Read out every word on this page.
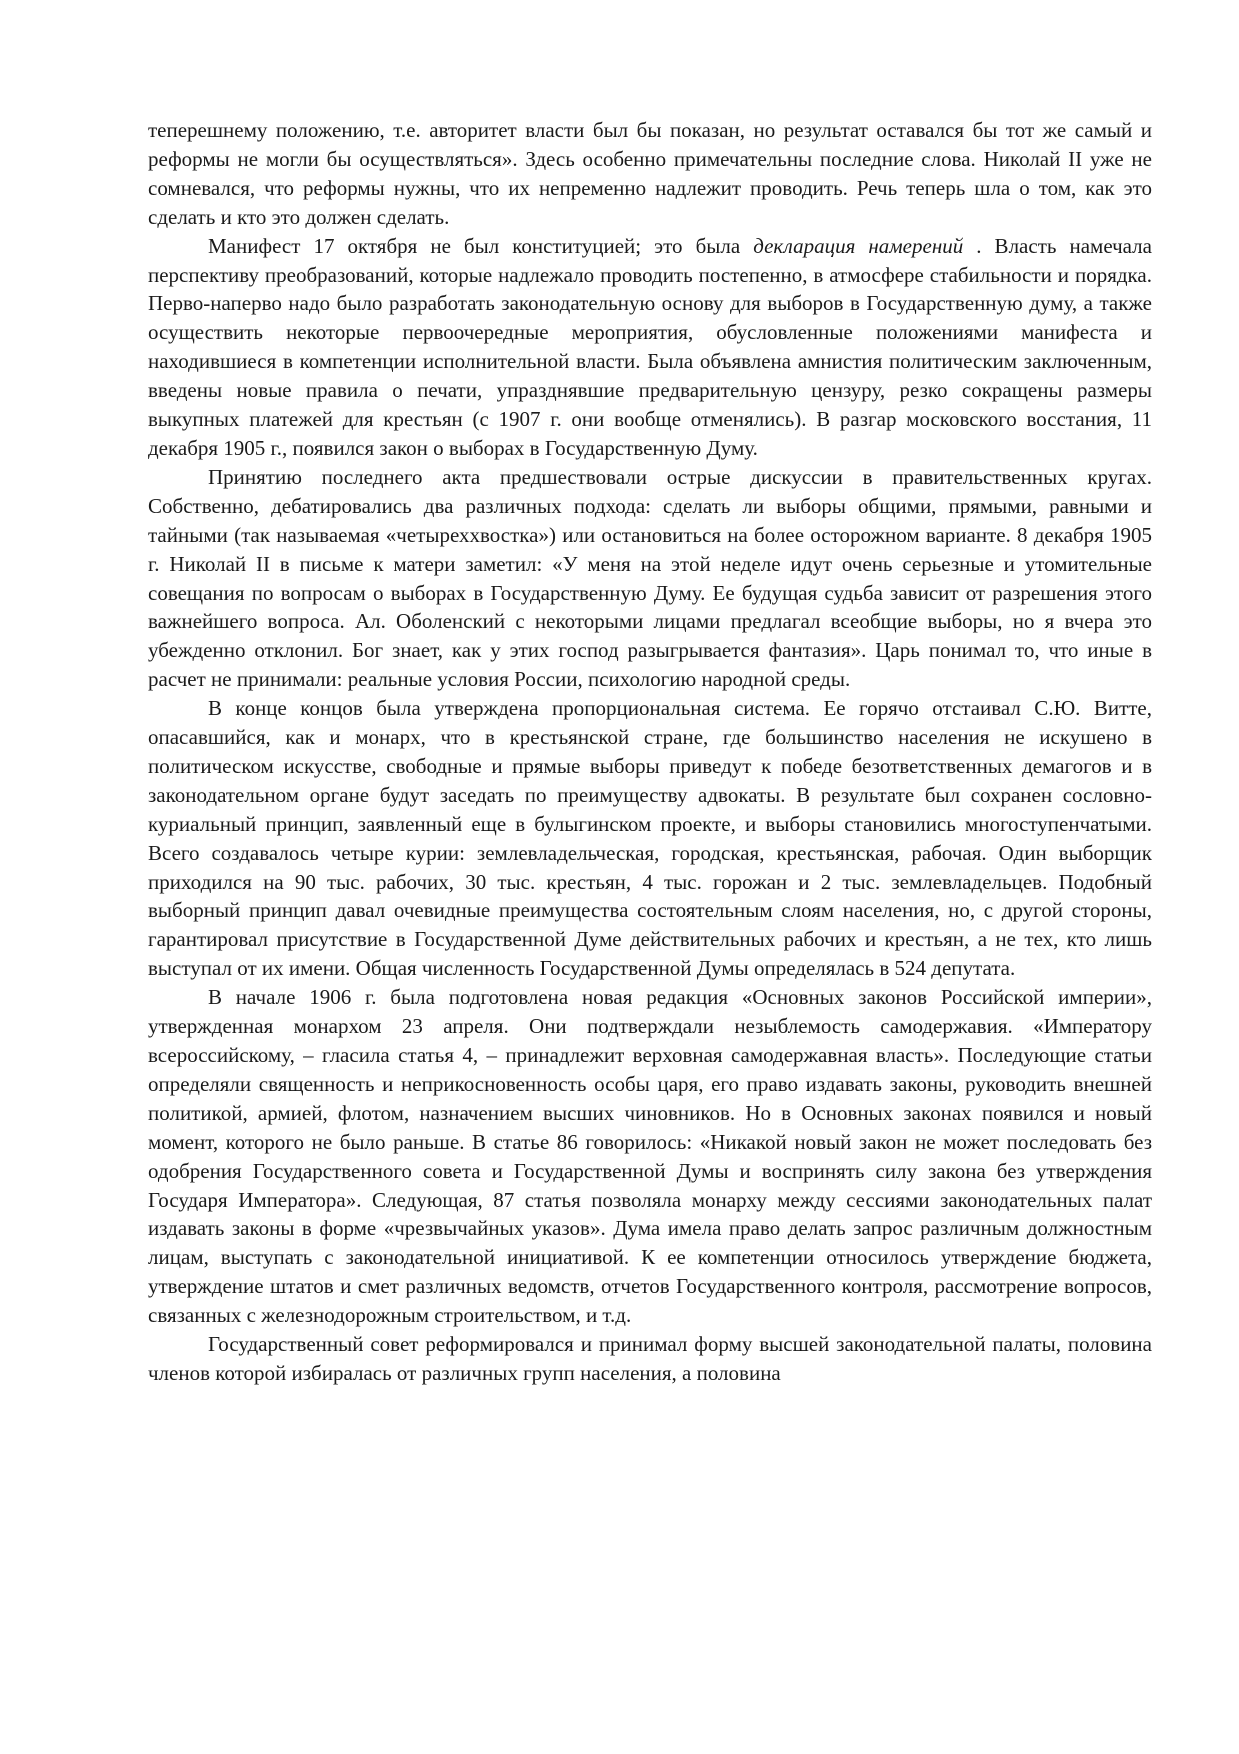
теперешнему положению, т.е. авторитет власти был бы показан, но результат оставался бы тот же самый и реформы не могли бы осуществляться». Здесь особенно примечательны последние слова. Николай II уже не сомневался, что реформы нужны, что их непременно надлежит проводить. Речь теперь шла о том, как это сделать и кто это должен сделать.

Манифест 17 октября не был конституцией; это была декларация намерений . Власть намечала перспективу преобразований, которые надлежало проводить постепенно, в атмосфере стабильности и порядка. Перво-наперво надо было разработать законодательную основу для выборов в Государственную думу, а также осуществить некоторые первоочередные мероприятия, обусловленные положениями манифеста и находившиеся в компетенции исполнительной власти. Была объявлена амнистия политическим заключенным, введены новые правила о печати, упразднявшие предварительную цензуру, резко сокращены размеры выкупных платежей для крестьян (с 1907 г. они вообще отменялись). В разгар московского восстания, 11 декабря 1905 г., появился закон о выборах в Государственную Думу.

Принятию последнего акта предшествовали острые дискуссии в правительственных кругах. Собственно, дебатировались два различных подхода: сделать ли выборы общими, прямыми, равными и тайными (так называемая «четыреххвостка») или остановиться на более осторожном варианте. 8 декабря 1905 г. Николай II в письме к матери заметил: «У меня на этой неделе идут очень серьезные и утомительные совещания по вопросам о выборах в Государственную Думу. Ее будущая судьба зависит от разрешения этого важнейшего вопроса. Ал. Оболенский с некоторыми лицами предлагал всеобщие выборы, но я вчера это убежденно отклонил. Бог знает, как у этих господ разыгрывается фантазия». Царь понимал то, что иные в расчет не принимали: реальные условия России, психологию народной среды.

В конце концов была утверждена пропорциональная система. Ее горячо отстаивал С.Ю. Витте, опасавшийся, как и монарх, что в крестьянской стране, где большинство населения не искушено в политическом искусстве, свободные и прямые выборы приведут к победе безответственных демагогов и в законодательном органе будут заседать по преимуществу адвокаты. В результате был сохранен сословно-куриальный принцип, заявленный еще в булыгинском проекте, и выборы становились многоступенчатыми. Всего создавалось четыре курии: землевладельческая, городская, крестьянская, рабочая. Один выборщик приходился на 90 тыс. рабочих, 30 тыс. крестьян, 4 тыс. горожан и 2 тыс. землевладельцев. Подобный выборный принцип давал очевидные преимущества состоятельным слоям населения, но, с другой стороны, гарантировал присутствие в Государственной Думе действительных рабочих и крестьян, а не тех, кто лишь выступал от их имени. Общая численность Государственной Думы определялась в 524 депутата.

В начале 1906 г. была подготовлена новая редакция «Основных законов Российской империи», утвержденная монархом 23 апреля. Они подтверждали незыблемость самодержавия. «Императору всероссийскому, – гласила статья 4, – принадлежит верховная самодержавная власть». Последующие статьи определяли священность и неприкосновенность особы царя, его право издавать законы, руководить внешней политикой, армией, флотом, назначением высших чиновников. Но в Основных законах появился и новый момент, которого не было раньше. В статье 86 говорилось: «Никакой новый закон не может последовать без одобрения Государственного совета и Государственной Думы и воспринять силу закона без утверждения Государя Императора». Следующая, 87 статья позволяла монарху между сессиями законодательных палат издавать законы в форме «чрезвычайных указов». Дума имела право делать запрос различным должностным лицам, выступать с законодательной инициативой. К ее компетенции относилось утверждение бюджета, утверждение штатов и смет различных ведомств, отчетов Государственного контроля, рассмотрение вопросов, связанных с железнодорожным строительством, и т.д.

Государственный совет реформировался и принимал форму высшей законодательной палаты, половина членов которой избиралась от различных групп населения, а половина
